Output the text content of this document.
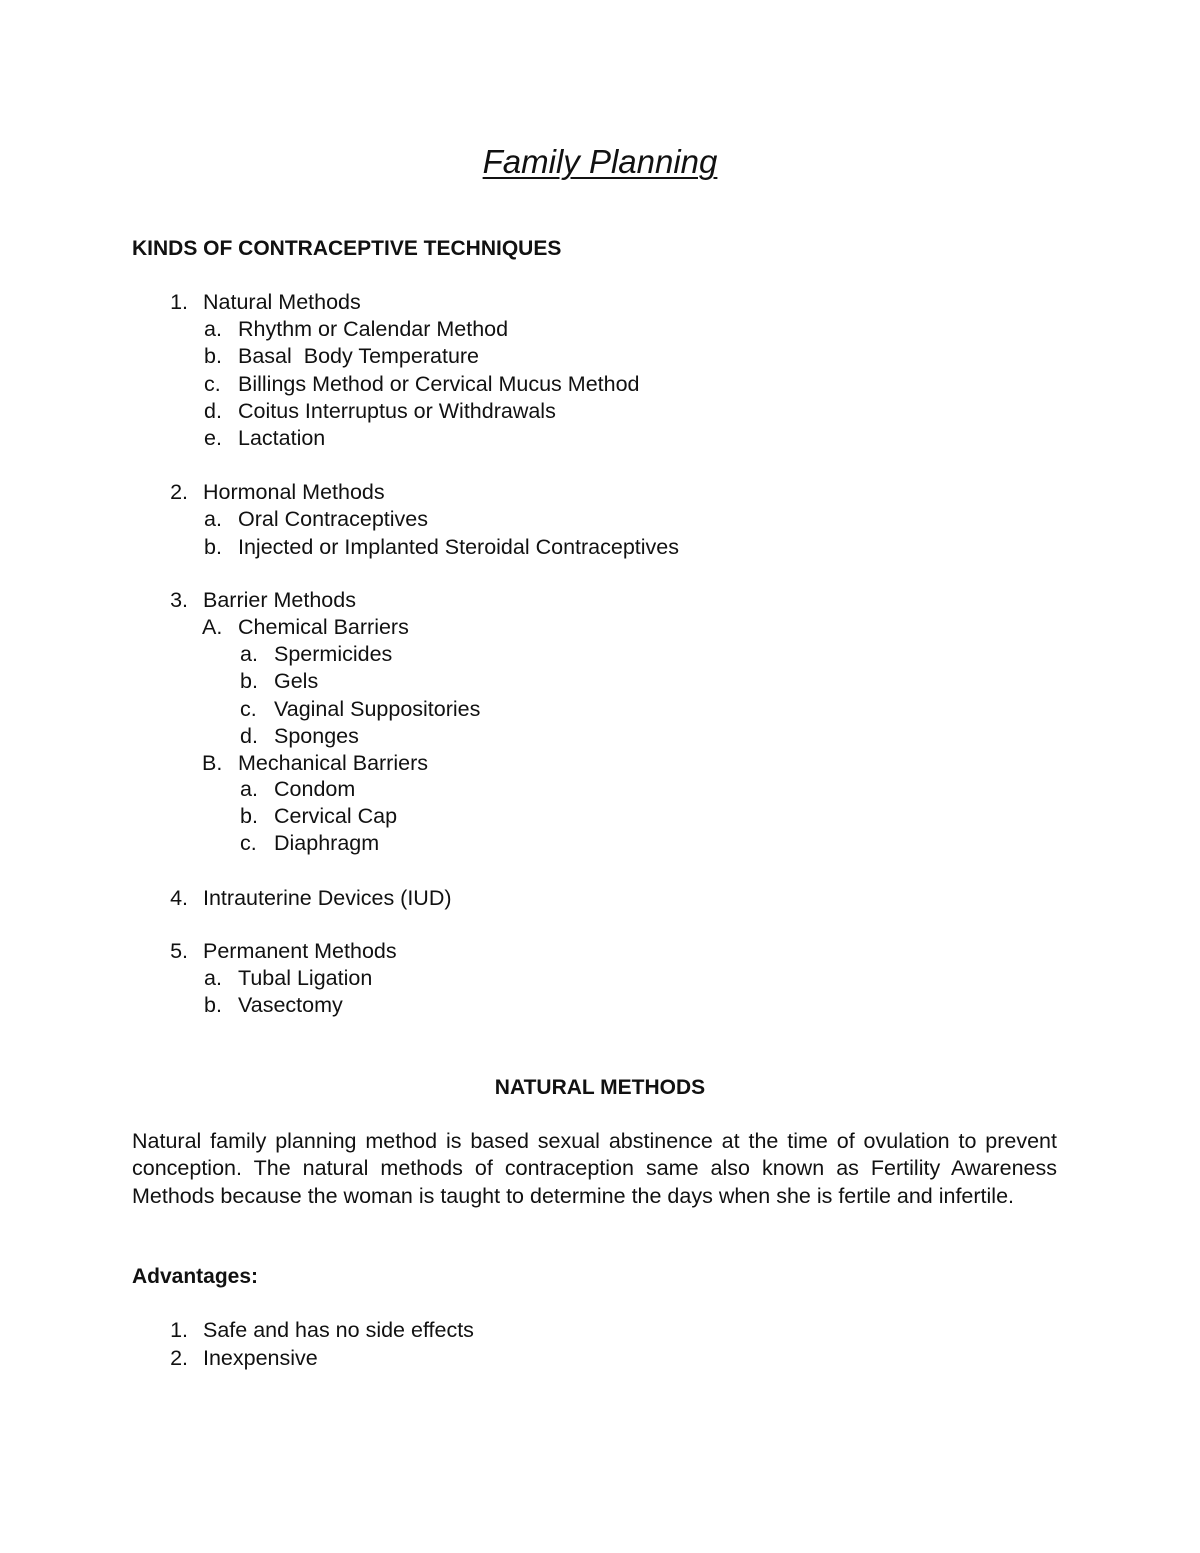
Family Planning
KINDS OF CONTRACEPTIVE TECHNIQUES
1. Natural Methods
a. Rhythm or Calendar Method
b. Basal  Body Temperature
c. Billings Method or Cervical Mucus Method
d. Coitus Interruptus or Withdrawals
e. Lactation
2. Hormonal Methods
a. Oral Contraceptives
b. Injected or Implanted Steroidal Contraceptives
3. Barrier Methods
A. Chemical Barriers
a. Spermicides
b. Gels
c. Vaginal Suppositories
d. Sponges
B. Mechanical Barriers
a. Condom
b. Cervical Cap
c. Diaphragm
4. Intrauterine Devices (IUD)
5. Permanent Methods
a. Tubal Ligation
b. Vasectomy
NATURAL METHODS

Natural family planning method is based sexual abstinence at the time of ovulation to prevent conception. The natural methods of contraception same also known as Fertility Awareness Methods because the woman is taught to determine the days when she is fertile and infertile.

Advantages:
1. Safe and has no side effects
2. Inexpensive
